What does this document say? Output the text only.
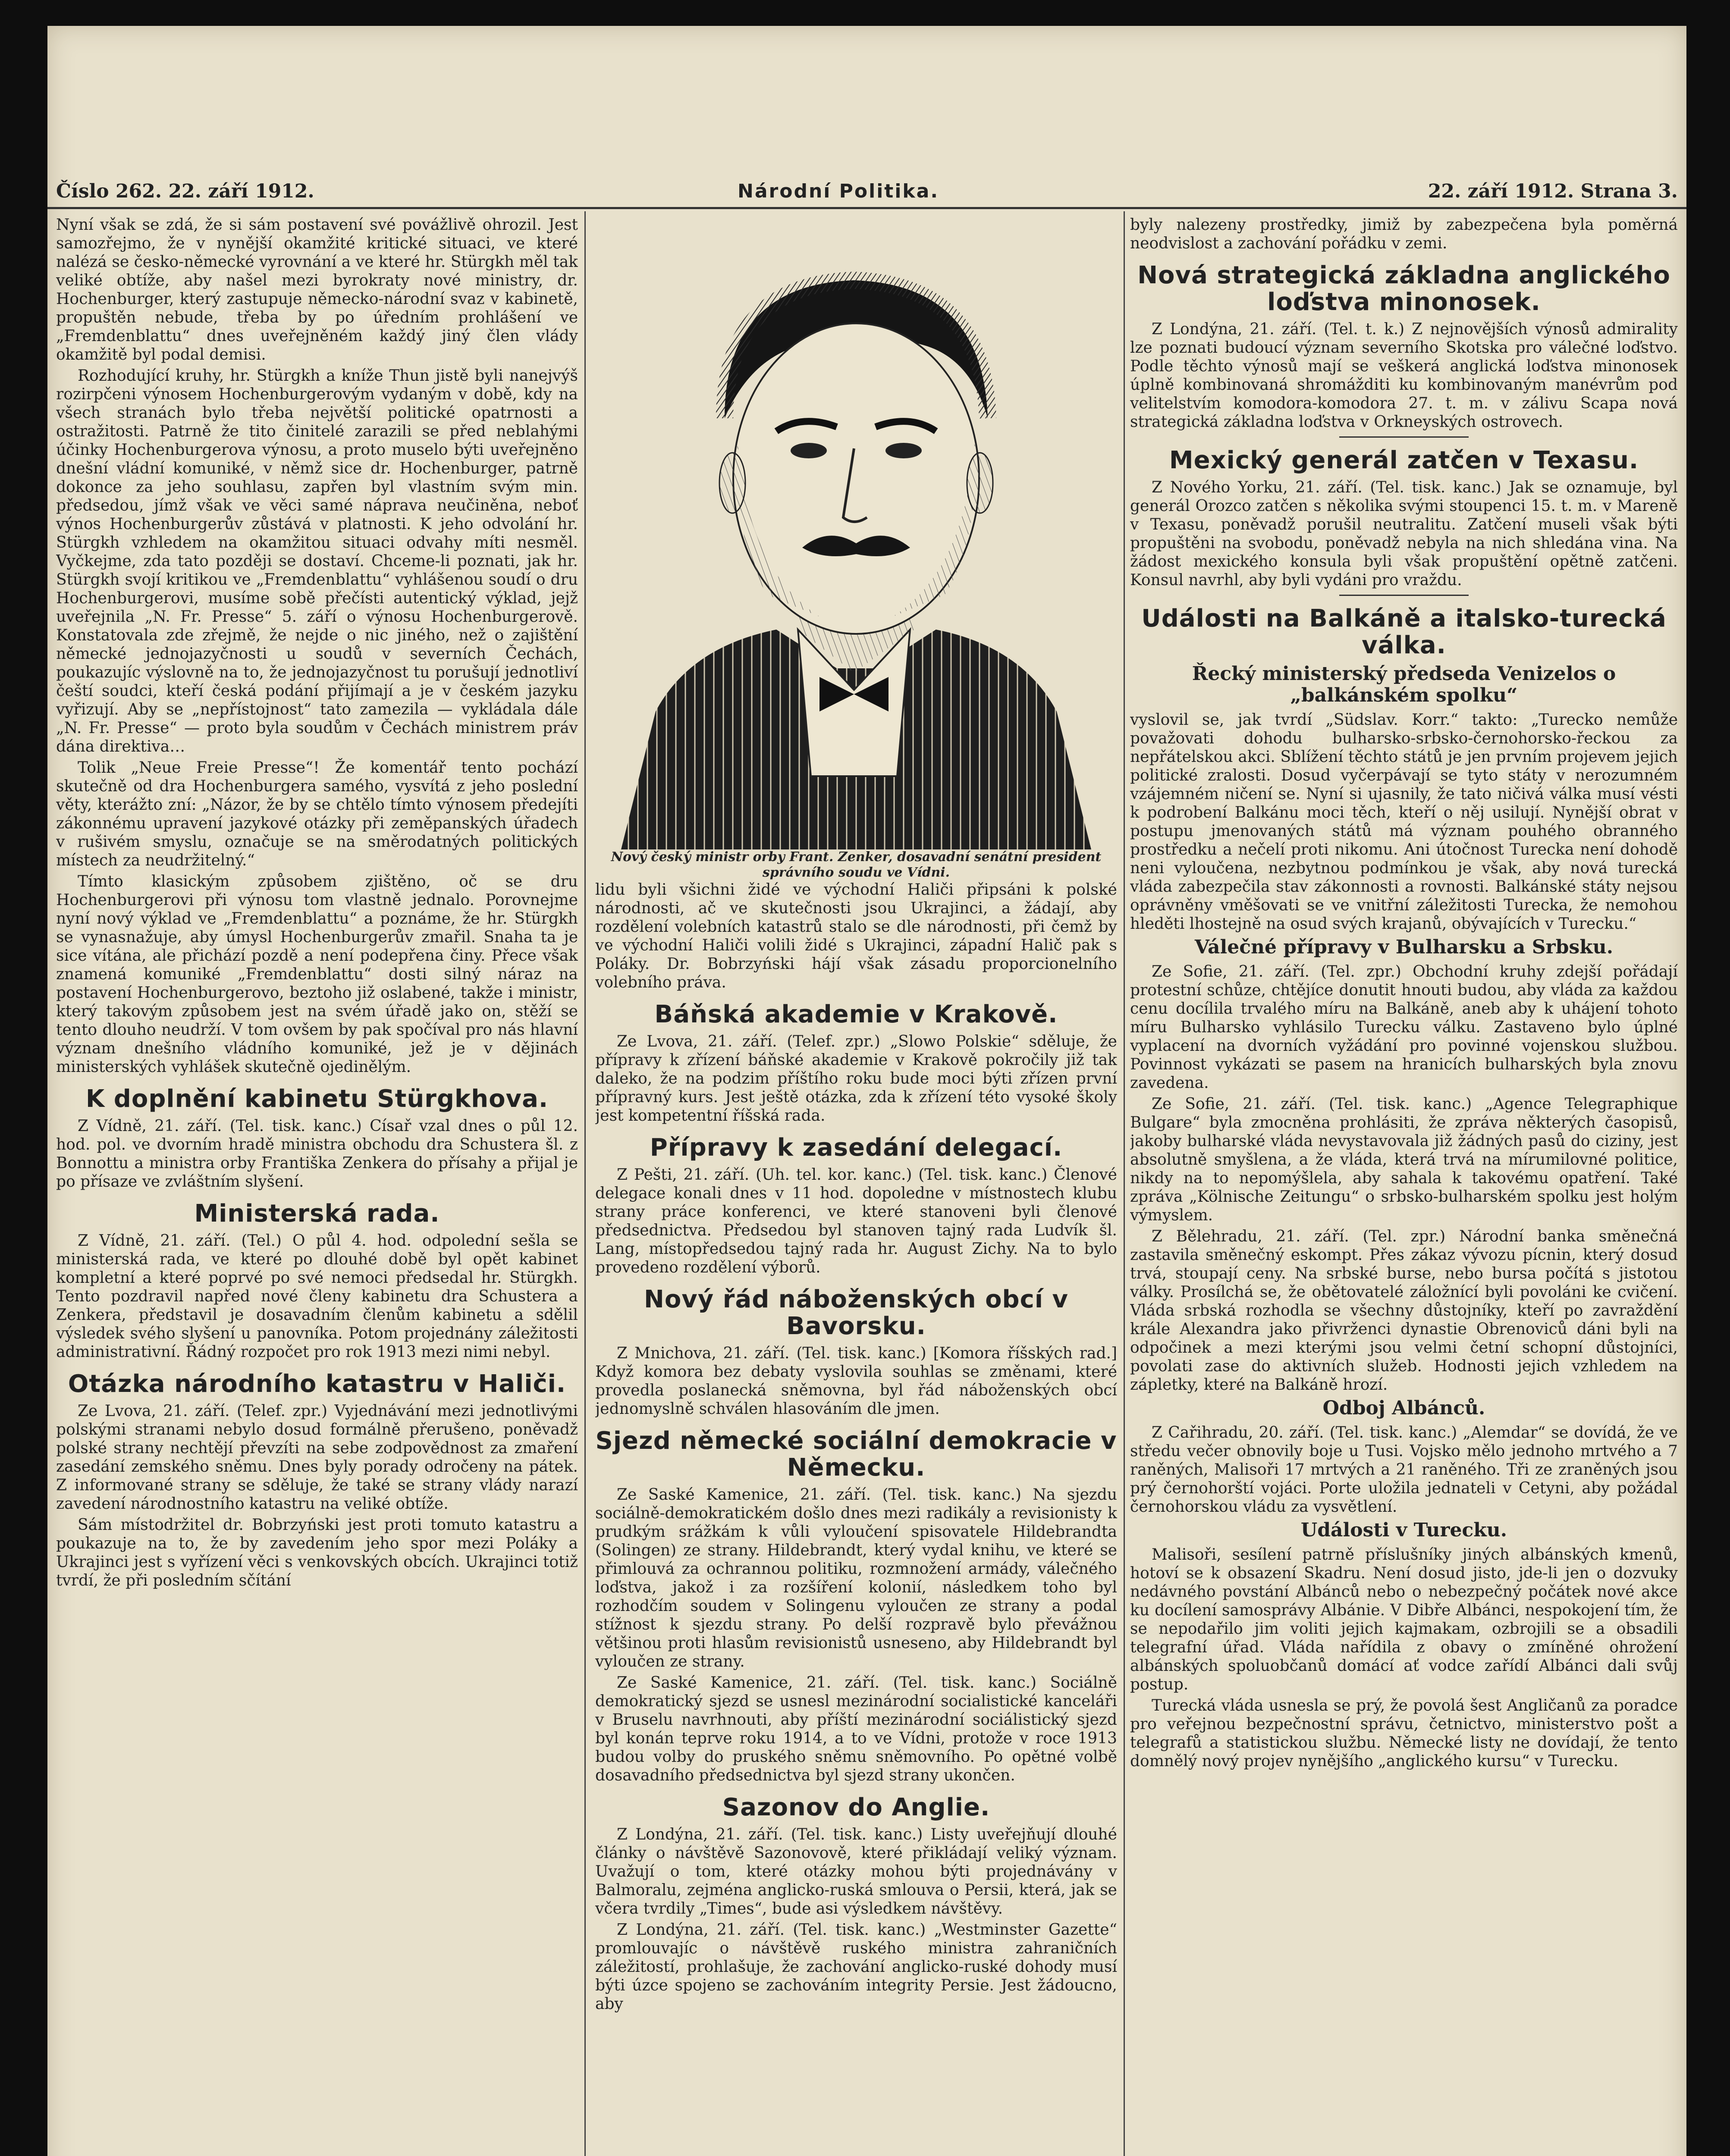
Číslo 262. 22. září 1912.	Národní Politika.	22. září 1912. Strana 3.

Nyní však se zdá, že si sám postavení své povážlivě ohrozil. Jest samozřejmo, že v nynější okamžité kritické situaci, ve které nalézá se česko-německé vyrovnání a ve které hr. Stürgkh měl tak veliké obtíže, aby našel mezi byrokraty nové ministry, dr. Hochenburger, který zastupuje německo-národní svaz v kabinetě, propuštěn nebude, třeba by po úředním prohlášení ve „Fremdenblattu“ dnes uveřejněném každý jiný člen vlády okamžitě byl podal demisi.

Rozhodující kruhy, hr. Stürgkh a kníže Thun jistě byli nanejvýš rozirpčeni výnosem Hochenburgerovým vydaným v době, kdy na všech stranách bylo třeba největší politické opatrnosti a ostražitosti. Patrně že tito činitelé zarazili se před neblahými účinky Hochenburgerova výnosu, a proto muselo býti uveřejněno dnešní vládní komuniké, v němž sice dr. Hochenburger, patrně dokonce za jeho souhlasu, zapřen byl vlastním svým min. předsedou, jímž však ve věci samé náprava neučiněna, neboť výnos Hochenburgerův zůstává v platnosti. K jeho odvolání hr. Stürgkh vzhledem na okamžitou situaci odvahy míti nesměl. Vyčkejme, zda tato později se dostaví. Chceme-li poznati, jak hr. Stürgkh svojí kritikou ve „Fremdenblattu“ vyhlášenou soudí o dru Hochenburgerovi, musíme sobě přečísti autentický výklad, jejž uveřejnila „N. Fr. Presse“ 5. září o výnosu Hochenburgerově. Konstatovala zde zřejmě, že nejde o nic jiného, než o zajištění německé jednojazyčnosti u soudů v severních Čechách, poukazujíc výslovně na to, že jednojazyčnost tu porušují jednotliví čeští soudci, kteří česká podání přijímají a je v českém jazyku vyřizují. Aby se „nepřístojnost“ tato zamezila — vykládala dále „N. Fr. Presse“ — proto byla soudům v Čechách ministrem práv dána direktiva…

Tolik „Neue Freie Presse“! Že komentář tento pochází skutečně od dra Hochenburgera samého, vysvítá z jeho poslední věty, kterážto zní: „Názor, že by se chtělo tímto výnosem předejíti zákonnému upravení jazykové otázky při zeměpanských úřadech v rušivém smyslu, označuje se na směrodatných politických místech za neudržitelný.“

Tímto klasickým způsobem zjištěno, oč se dru Hochenburgerovi při výnosu tom vlastně jednalo. Porovnejme nyní nový výklad ve „Fremdenblattu“ a poznáme, že hr. Stürgkh se vynasnažuje, aby úmysl Hochenburgerův zmařil. Snaha ta je sice vítána, ale přichází pozdě a není podepřena činy. Přece však znamená komuniké „Fremdenblattu“ dosti silný náraz na postavení Hochenburgerovo, beztoho již oslabené, takže i ministr, který takovým způsobem jest na svém úřadě jako on, stěží se tento dlouho neudrží. V tom ovšem by pak spočíval pro nás hlavní význam dnešního vládního komuniké, jež je v dějinách ministerských vyhlášek skutečně ojedinělým.

K doplnění kabinetu Stürgkhova.

Z Vídně, 21. září. (Tel. tisk. kanc.) Císař vzal dnes o půl 12. hod. pol. ve dvorním hradě ministra obchodu dra Schustera šl. z Bonnottu a ministra orby Františka Zenkera do přísahy a přijal je po přísaze ve zvláštním slyšení.

Ministerská rada.

Z Vídně, 21. září. (Tel.) O půl 4. hod. odpolední sešla se ministerská rada, ve které po dlouhé době byl opět kabinet kompletní a které poprvé po své nemoci předsedal hr. Stürgkh. Tento pozdravil napřed nové členy kabinetu dra Schustera a Zenkera, představil je dosavadním členům kabinetu a sdělil výsledek svého slyšení u panovníka. Potom projednány záležitosti administrativní. Řádný rozpočet pro rok 1913 mezi nimi nebyl.

Otázka národního katastru v Haliči.

Ze Lvova, 21. září. (Telef. zpr.) Vyjednávání mezi jednotlivými polskými stranami nebylo dosud formálně přerušeno, poněvadž polské strany nechtějí převzíti na sebe zodpovědnost za zmaření zasedání zemského sněmu. Dnes byly porady odročeny na pátek. Z informované strany se sděluje, že také se strany vlády narazí zavedení národnostního katastru na veliké obtíže.

Sám místodržitel dr. Bobrzyński jest proti tomuto katastru a poukazuje na to, že by zavedením jeho spor mezi Poláky a Ukrajinci jest s vyřízení věci s venkovských obcích. Ukrajinci totiž tvrdí, že při posledním sčítání

Nový český ministr orby Frant. Zenker, dosavadní senátní president správního soudu ve Vídni.

lidu byli všichni židé ve východní Haliči připsáni k polské národnosti, ač ve skutečnosti jsou Ukrajinci, a žádají, aby rozdělení volebních katastrů stalo se dle národnosti, při čemž by ve východní Haliči volili židé s Ukrajinci, západní Halič pak s Poláky. Dr. Bobrzyński hájí však zásadu proporcionelního volebního práva.

Báňská akademie v Krakově.

Ze Lvova, 21. září. (Telef. zpr.) „Slowo Polskie“ sděluje, že přípravy k zřízení báňské akademie v Krakově pokročily již tak daleko, že na podzim příštího roku bude moci býti zřízen první přípravný kurs. Jest ještě otázka, zda k zřízení této vysoké školy jest kompetentní říšská rada.

Přípravy k zasedání delegací.

Z Pešti, 21. září. (Uh. tel. kor. kanc.) (Tel. tisk. kanc.) Členové delegace konali dnes v 11 hod. dopoledne v místnostech klubu strany práce konferenci, ve které stanoveni byli členové předsednictva. Předsedou byl stanoven tajný rada Ludvík šl. Lang, místopředsedou tajný rada hr. August Zichy. Na to bylo provedeno rozdělení výborů.

Nový řád náboženských obcí v Bavorsku.

Z Mnichova, 21. září. (Tel. tisk. kanc.) [Komora říšských rad.] Když komora bez debaty vyslovila souhlas se změnami, které provedla poslanecká sněmovna, byl řád náboženských obcí jednomyslně schválen hlasováním dle jmen.

Sjezd německé sociální demokracie v Německu.

Ze Saské Kamenice, 21. září. (Tel. tisk. kanc.) Na sjezdu sociálně-demokratickém došlo dnes mezi radikály a revisionisty k prudkým srážkám k vůli vyloučení spisovatele Hildebrandta (Solingen) ze strany. Hildebrandt, který vydal knihu, ve které se přimlouvá za ochrannou politiku, rozmnožení armády, válečného loďstva, jakož i za rozšíření kolonií, následkem toho byl rozhodčím soudem v Solingenu vyloučen ze strany a podal stížnost k sjezdu strany. Po delší rozpravě bylo převážnou většinou proti hlasům revisionistů usneseno, aby Hildebrandt byl vyloučen ze strany.

Ze Saské Kamenice, 21. září. (Tel. tisk. kanc.) Sociálně demokratický sjezd se usnesl mezinárodní socialistické kanceláři v Bruselu navrhnouti, aby příští mezinárodní sociálistický sjezd byl konán teprve roku 1914, a to ve Vídni, protože v roce 1913 budou volby do pruského sněmu sněmovního. Po opětné volbě dosavadního předsednictva byl sjezd strany ukončen.

Sazonov do Anglie.

Z Londýna, 21. září. (Tel. tisk. kanc.) Listy uveřejňují dlouhé články o návštěvě Sazonovově, které přikládají veliký význam. Uvažují o tom, které otázky mohou býti projednávány v Balmoralu, zejména anglicko-ruská smlouva o Persii, která, jak se včera tvrdily „Times“, bude asi výsledkem návštěvy.

Z Londýna, 21. září. (Tel. tisk. kanc.) „Westminster Gazette“ promlouvajíc o návštěvě ruského ministra zahraničních záležitostí, prohlašuje, že zachování anglicko-ruské dohody musí býti úzce spojeno se zachováním integrity Persie. Jest žádoucno, aby

byly nalezeny prostředky, jimiž by zabezpečena byla poměrná neodvislost a zachování pořádku v zemi.

Nová strategická základna anglického loďstva minonosek.

Z Londýna, 21. září. (Tel. t. k.) Z nejnovějších výnosů admirality lze poznati budoucí význam severního Skotska pro válečné loďstvo. Podle těchto výnosů mají se veškerá anglická loďstva minonosek úplně kombinovaná shromážditi ku kombinovaným manévrům pod velitelstvím komodora-komodora 27. t. m. v zálivu Scapa nová strategická základna loďstva v Orkneyských ostrovech.

Mexický generál zatčen v Texasu.

Z Nového Yorku, 21. září. (Tel. tisk. kanc.) Jak se oznamuje, byl generál Orozco zatčen s několika svými stoupenci 15. t. m. v Mareně v Texasu, poněvadž porušil neutralitu. Zatčení museli však býti propuštěni na svobodu, poněvadž nebyla na nich shledána vina. Na žádost mexického konsula byli však propuštění opětně zatčeni. Konsul navrhl, aby byli vydáni pro vraždu.

Události na Balkáně a italsko-turecká válka.
Řecký ministerský předseda Venizelos o „balkánském spolku“

vyslovil se, jak tvrdí „Südslav. Korr.“ takto: „Turecko nemůže považovati dohodu bulharsko-srbsko-černohorsko-řeckou za nepřátelskou akci. Sblížení těchto států je jen prvním projevem jejich politické zralosti. Dosud vyčerpávají se tyto státy v nerozumném vzájemném ničení se. Nyní si ujasnily, že tato ničivá válka musí vésti k podrobení Balkánu moci těch, kteří o něj usilují. Nynější obrat v postupu jmenovaných států má význam pouhého obranného prostředku a nečelí proti nikomu. Ani útočnost Turecka není dohodě neni vyloučena, nezbytnou podmínkou je však, aby nová turecká vláda zabezpečila stav zákonnosti a rovnosti. Balkánské státy nejsou oprávněny vměšovati se ve vnitřní záležitosti Turecka, že nemohou hleděti lhostejně na osud svých krajanů, obývajících v Turecku.“

Válečné přípravy v Bulharsku a Srbsku.

Ze Sofie, 21. září. (Tel. zpr.) Obchodní kruhy zdejší pořádají protestní schůze, chtějíce donutit hnouti budou, aby vláda za každou cenu docílila trvalého míru na Balkáně, aneb aby k uhájení tohoto míru Bulharsko vyhlásilo Turecku válku. Zastaveno bylo úplné vyplacení na dvorních vyžádání pro povinné vojenskou službou. Povinnost vykázati se pasem na hranicích bulharských byla znovu zavedena.

Ze Sofie, 21. září. (Tel. tisk. kanc.) „Agence Telegraphique Bulgare“ byla zmocněna prohlásiti, že zpráva některých časopisů, jakoby bulharské vláda nevystavovala již žádných pasů do ciziny, jest absolutně smyšlena, a že vláda, která trvá na mírumilovné politice, nikdy na to nepomýšlela, aby sahala k takovému opatření. Také zpráva „Kölnische Zeitungu“ o srbsko-bulharském spolku jest holým výmyslem.

Z Bělehradu, 21. září. (Tel. zpr.) Národní banka směnečná zastavila směnečný eskompt. Přes zákaz vývozu pícnin, který dosud trvá, stoupají ceny. Na srbské burse, nebo bursa počítá s jistotou války. Prosílchá se, že obětovatelé záložnící byli povoláni ke cvičení. Vláda srbská rozhodla se všechny důstojníky, kteří po zavraždění krále Alexandra jako přivrženci dynastie Obrenoviců dáni byli na odpočinek a mezi kterými jsou velmi četní schopní důstojníci, povolati zase do aktivních služeb. Hodnosti jejich vzhledem na zápletky, které na Balkáně hrozí.

Odboj Albánců.

Z Cařihradu, 20. září. (Tel. tisk. kanc.) „Alemdar“ se dovídá, že ve středu večer obnovily boje u Tusi. Vojsko mělo jednoho mrtvého a 7 raněných, Malisoři 17 mrtvých a 21 raněného. Tři ze zraněných jsou prý černohorští vojáci. Porte uložila jednateli v Cetyni, aby požádal černohorskou vládu za vysvětlení.

Události v Turecku.

Malisoři, sesílení patrně příslušníky jiných albánských kmenů, hotoví se k obsazení Skadru. Není dosud jisto, jde-li jen o dozvuky nedávného povstání Albánců nebo o nebezpečný počátek nové akce ku docílení samosprávy Albánie. V Dibře Albánci, nespokojení tím, že se nepodařilo jim voliti jejich kajmakam, ozbrojili se a obsadili telegrafní úřad. Vláda nařídila z obavy o zmíněné ohrožení albánských spoluobčanů domácí ať vodce zařídí Albánci dali svůj postup.

Turecká vláda usnesla se prý, že povolá šest Angličanů za poradce pro veřejnou bezpečnostní správu, četnictvo, ministerstvo pošt a telegrafů a statistickou službu. Německé listy ne dovídají, že tento domnělý nový projev nynějšího „anglického kursu“ v Turecku.
